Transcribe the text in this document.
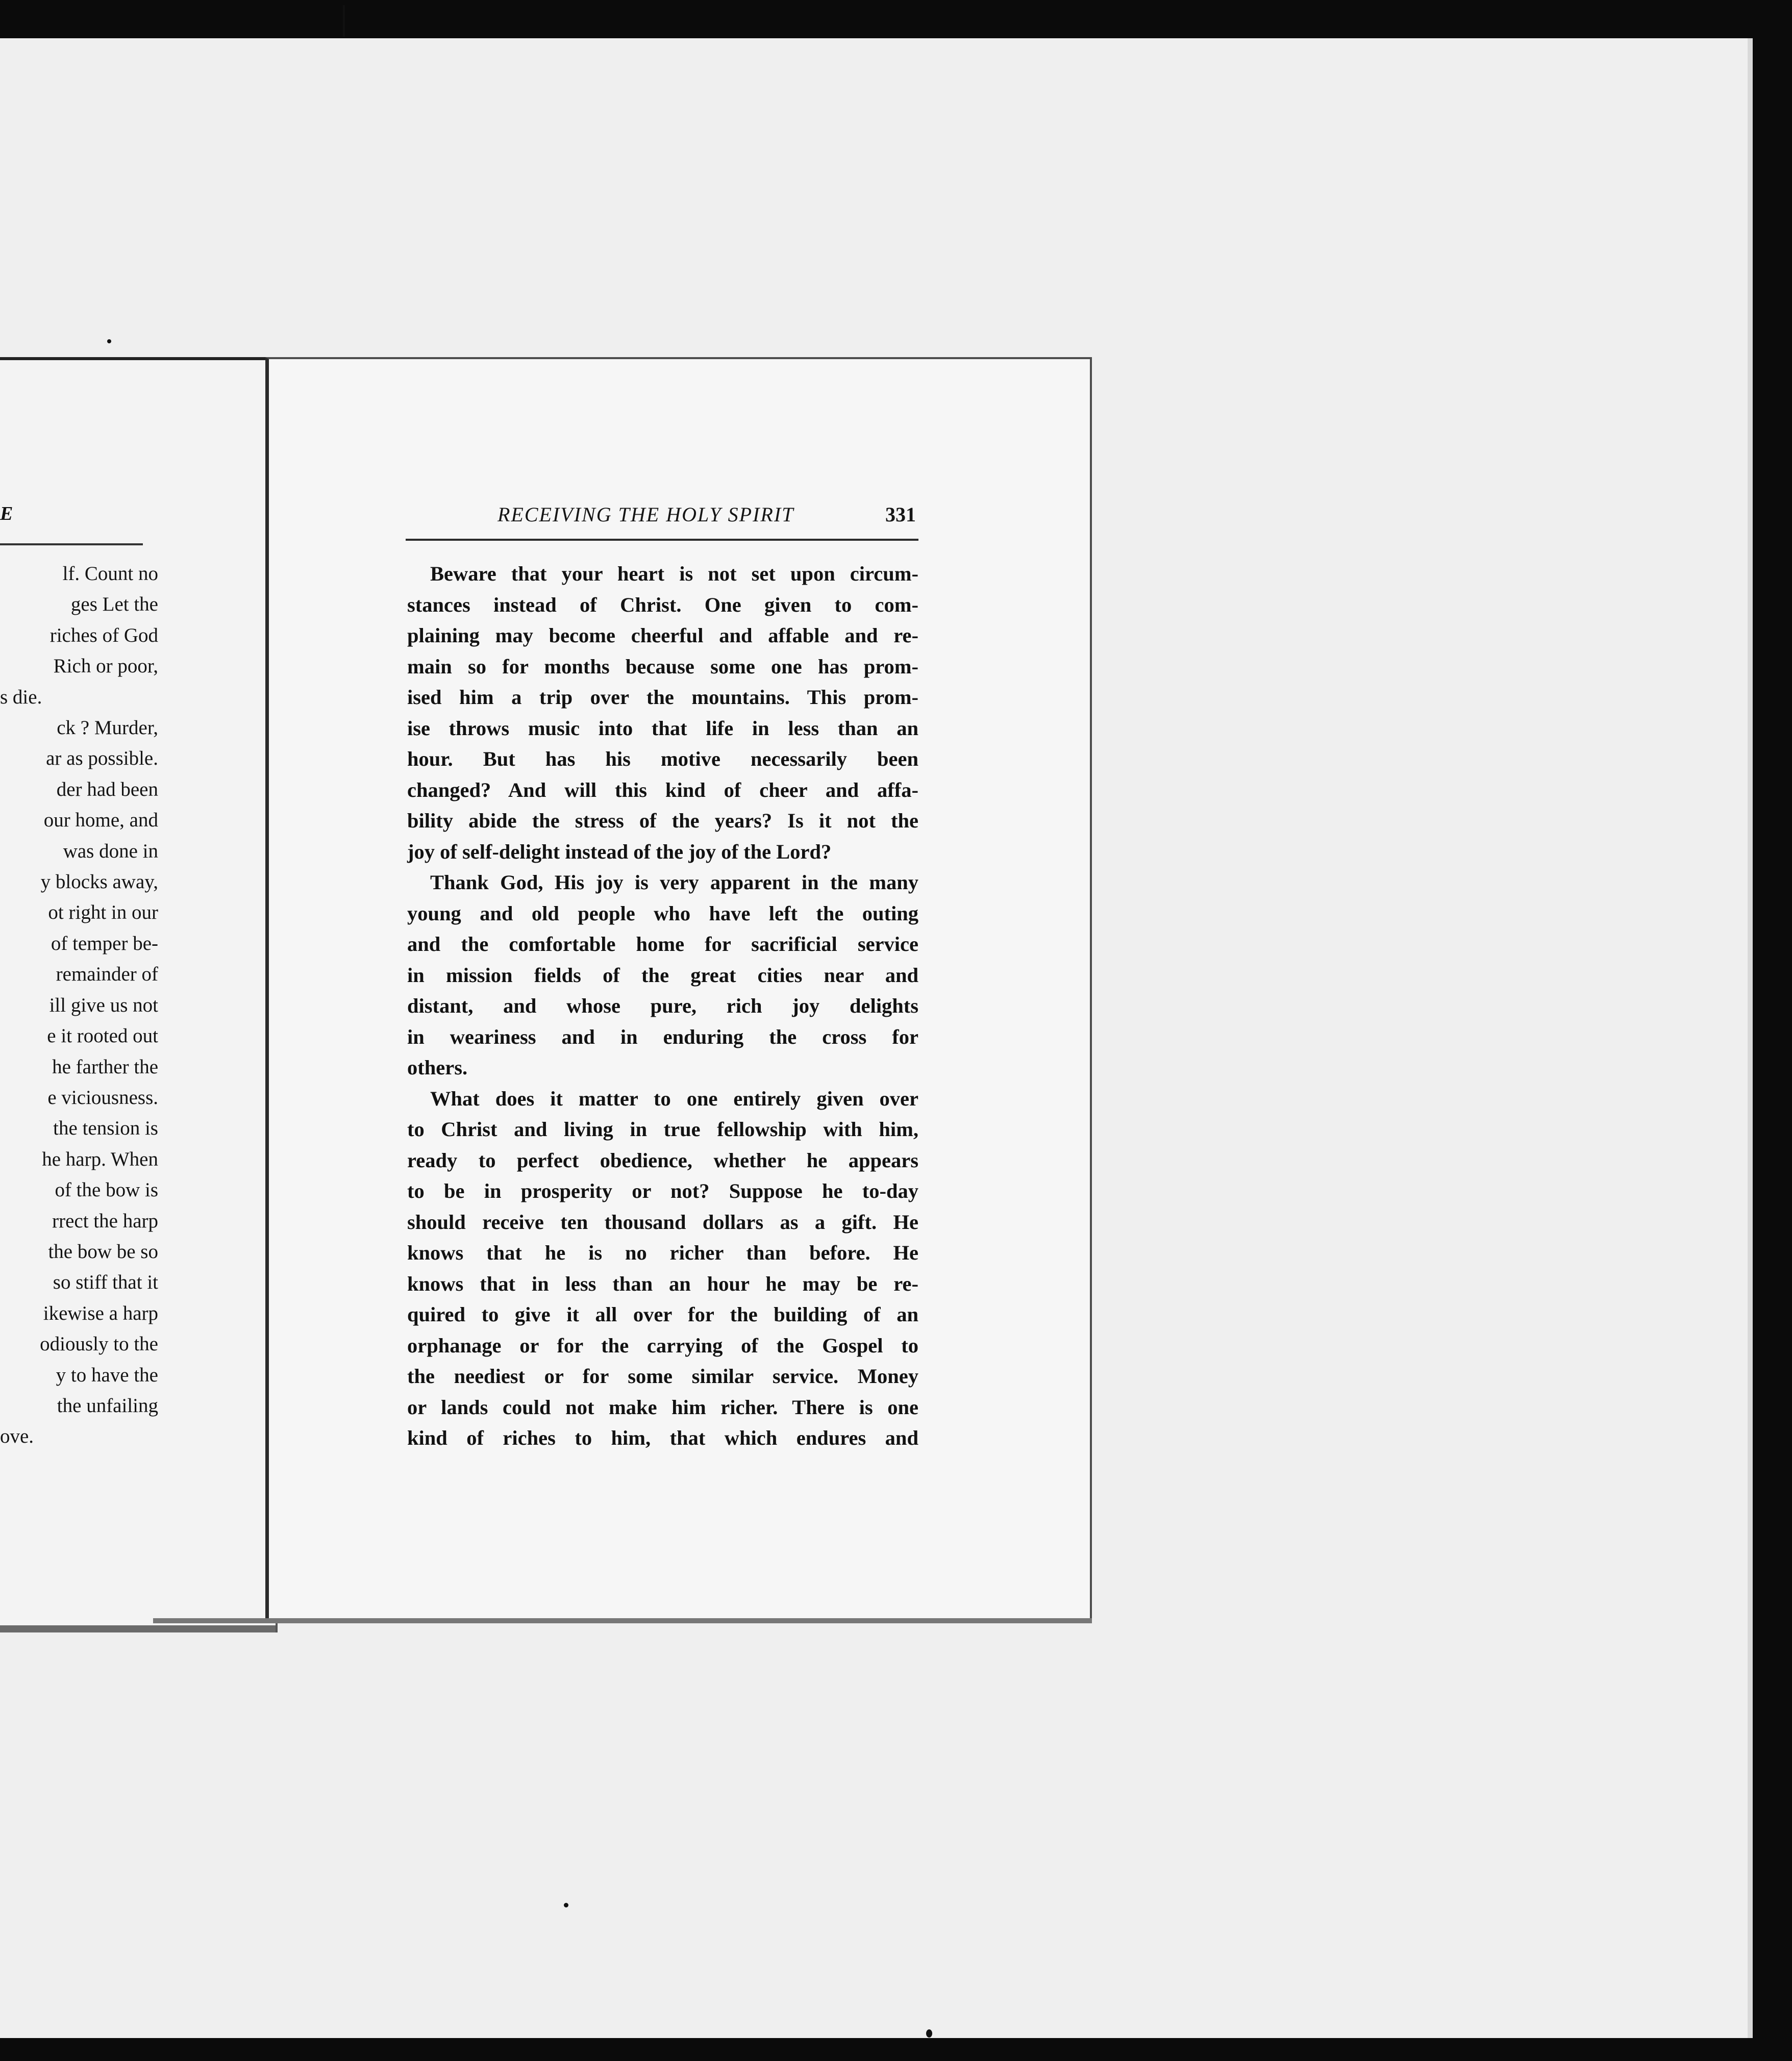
E
lf. Count no
ges Let the
riches of God
Rich or poor,
s die.
ck ? Murder,
ar as possible.
der had been
our home, and
was done in
y blocks away,
ot right in our
of temper be-
remainder of
ill give us not
e it rooted out
he farther the
e viciousness.
the tension is
he harp. When
of the bow is
rrect the harp
the bow be so
so stiff that it
ikewise a harp
odiously to the
y to have the
the unfailing
ove.
RECEIVING THE HOLY SPIRIT	331
Beware that your heart is not set upon circum-
stances instead of Christ. One given to com-
plaining may become cheerful and affable and re-
main so for months because some one has prom-
ised him a trip over the mountains. This prom-
ise throws music into that life in less than an
hour. But has his motive necessarily been
changed? And will this kind of cheer and affa-
bility abide the stress of the years? Is it not the
joy of self-delight instead of the joy of the Lord?
Thank God, His joy is very apparent in the many
young and old people who have left the outing
and the comfortable home for sacrificial service
in mission fields of the great cities near and
distant, and whose pure, rich joy delights
in weariness and in enduring the cross for
others.
What does it matter to one entirely given over
to Christ and living in true fellowship with him,
ready to perfect obedience, whether he appears
to be in prosperity or not? Suppose he to-day
should receive ten thousand dollars as a gift. He
knows that he is no richer than before. He
knows that in less than an hour he may be re-
quired to give it all over for the building of an
orphanage or for the carrying of the Gospel to
the neediest or for some similar service. Money
or lands could not make him richer. There is one
kind of riches to him, that which endures and
